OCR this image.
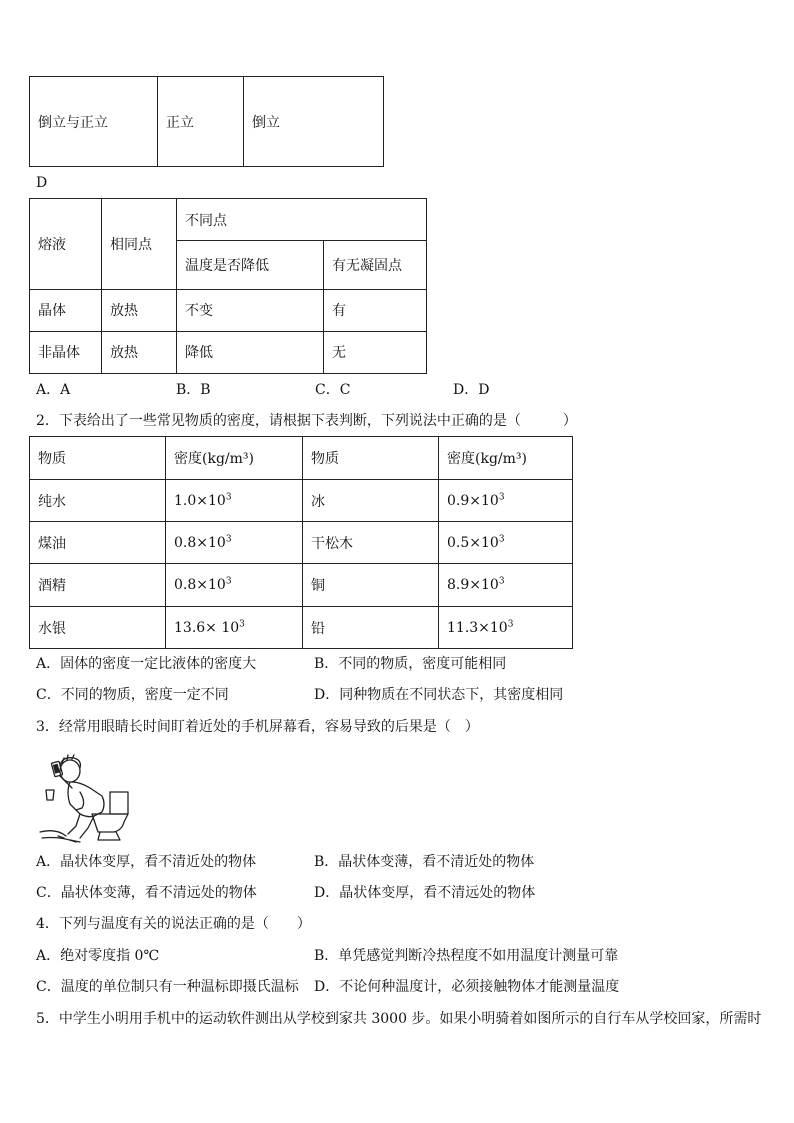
倒立与正立	正立	倒立
D
熔液	相同点	不同点	
		温度是否降低	有无凝固点
晶体	放热	不变	有
非晶体	放热	降低	无
A．A	B．B	C．C	D．D
2．下表给出了一些常见物质的密度，请根据下表判断，下列说法中正确的是（　　　）
物质	密度(kg/m³)	物质	密度(kg/m³)
纯水	$1.0\times 10^3$	冰	$0.9\times 10^3$
煤油	$0.8\times 10^3$	干松木	$0.5\times 10^3$
酒精	$0.8\times 10^3$	铜	$8.9\times 10^3$
水银	$13.6\times 10^3$	铅	$11.3\times 10^3$
A．固体的密度一定比液体的密度大	B．不同的物质，密度可能相同
C．不同的物质，密度一定不同	D．同种物质在不同状态下，其密度相同
3．经常用眼睛长时间盯着近处的手机屏幕看，容易导致的后果是（　）
A．晶状体变厚，看不清近处的物体	B．晶状体变薄，看不清近处的物体
C．晶状体变薄，看不清远处的物体	D．晶状体变厚，看不清远处的物体
4．下列与温度有关的说法正确的是（　　）
A．绝对零度指 0℃	B．单凭感觉判断冷热程度不如用温度计测量可靠
C．温度的单位制只有一种温标即摄氏温标 D．不论何种温度计，必须接触物体才能测量温度
5．中学生小明用手机中的运动软件测出从学校到家共 3000 步。如果小明骑着如图所示的自行车从学校回家，所需时
